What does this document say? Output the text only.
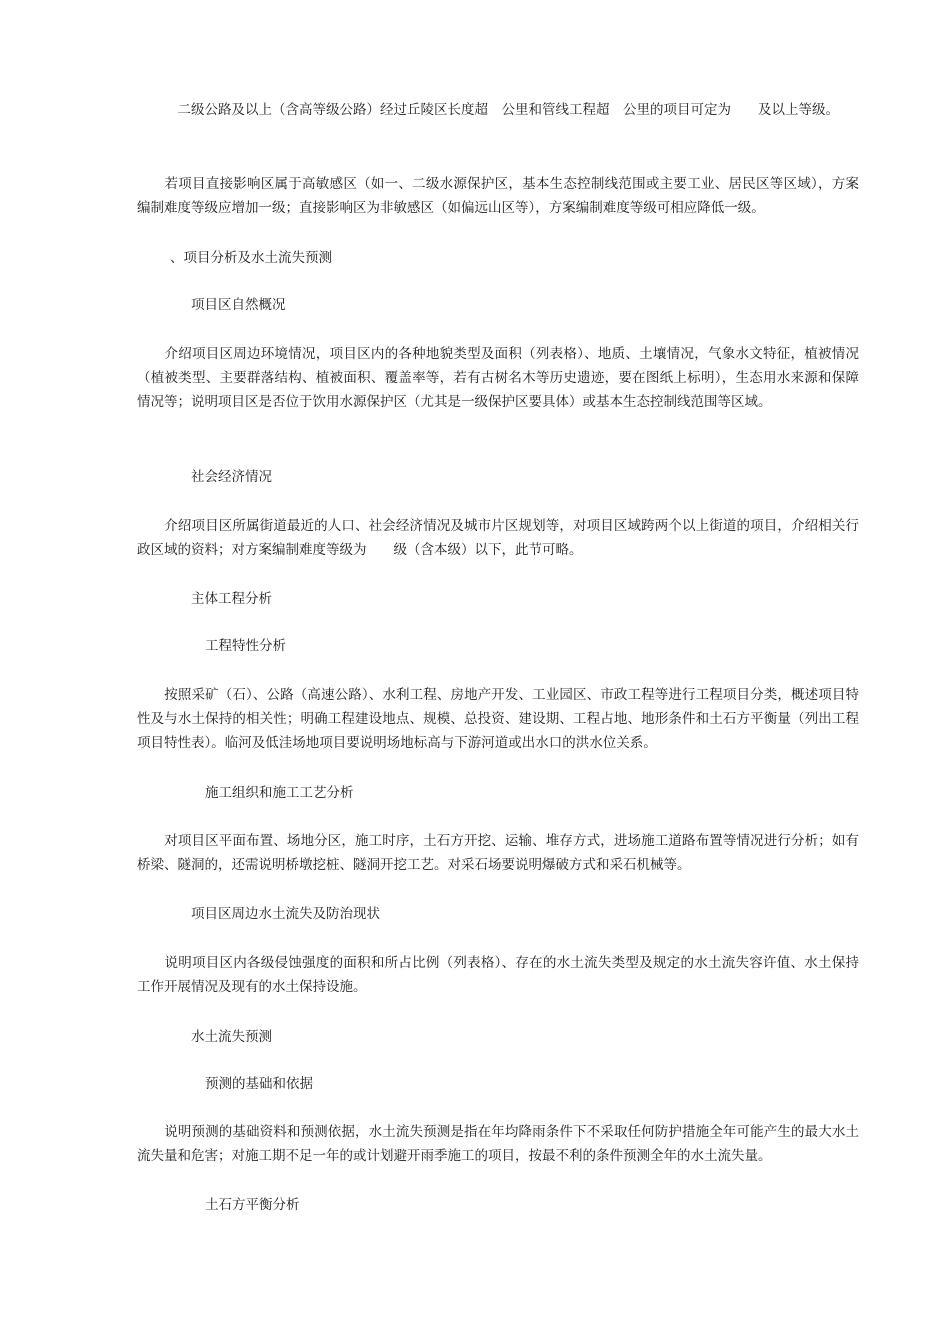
　　　二级公路及以上（含高等级公路）经过丘陵区长度超　公里和管线工程超　公里的项目可定为　　及以上等级。

　　若项目直接影响区属于高敏感区（如一、二级水源保护区，基本生态控制线范围或主要工业、居民区等区域），方案编制难度等级应增加一级；直接影响区为非敏感区（如偏远山区等），方案编制难度等级可相应降低一级。

、项目分析及水土流失预测

项目区自然概况

　　介绍项目区周边环境情况，项目区内的各种地貌类型及面积（列表格）、地质、土壤情况，气象水文特征，植被情况（植被类型、主要群落结构、植被面积、覆盖率等，若有古树名木等历史遗迹，要在图纸上标明），生态用水来源和保障情况等；说明项目区是否位于饮用水源保护区（尤其是一级保护区要具体）或基本生态控制线范围等区域。

社会经济情况

　　介绍项目区所属街道最近的人口、社会经济情况及城市片区规划等，对项目区域跨两个以上街道的项目，介绍相关行政区域的资料；对方案编制难度等级为　　级（含本级）以下，此节可略。

主体工程分析

工程特性分析

　　按照采矿（石）、公路（高速公路）、水利工程、房地产开发、工业园区、市政工程等进行工程项目分类，概述项目特性及与水土保持的相关性；明确工程建设地点、规模、总投资、建设期、工程占地、地形条件和土石方平衡量（列出工程项目特性表）。临河及低洼场地项目要说明场地标高与下游河道或出水口的洪水位关系。

施工组织和施工工艺分析

　　对项目区平面布置、场地分区，施工时序，土石方开挖、运输、堆存方式，进场施工道路布置等情况进行分析；如有桥梁、隧洞的，还需说明桥墩挖桩、隧洞开挖工艺。对采石场要说明爆破方式和采石机械等。

项目区周边水土流失及防治现状

　　说明项目区内各级侵蚀强度的面积和所占比例（列表格）、存在的水土流失类型及规定的水土流失容许值、水土保持工作开展情况及现有的水土保持设施。

水土流失预测

预测的基础和依据

　　说明预测的基础资料和预测依据，水土流失预测是指在年均降雨条件下不采取任何防护措施全年可能产生的最大水土流失量和危害；对施工期不足一年的或计划避开雨季施工的项目，按最不利的条件预测全年的水土流失量。

土石方平衡分析
